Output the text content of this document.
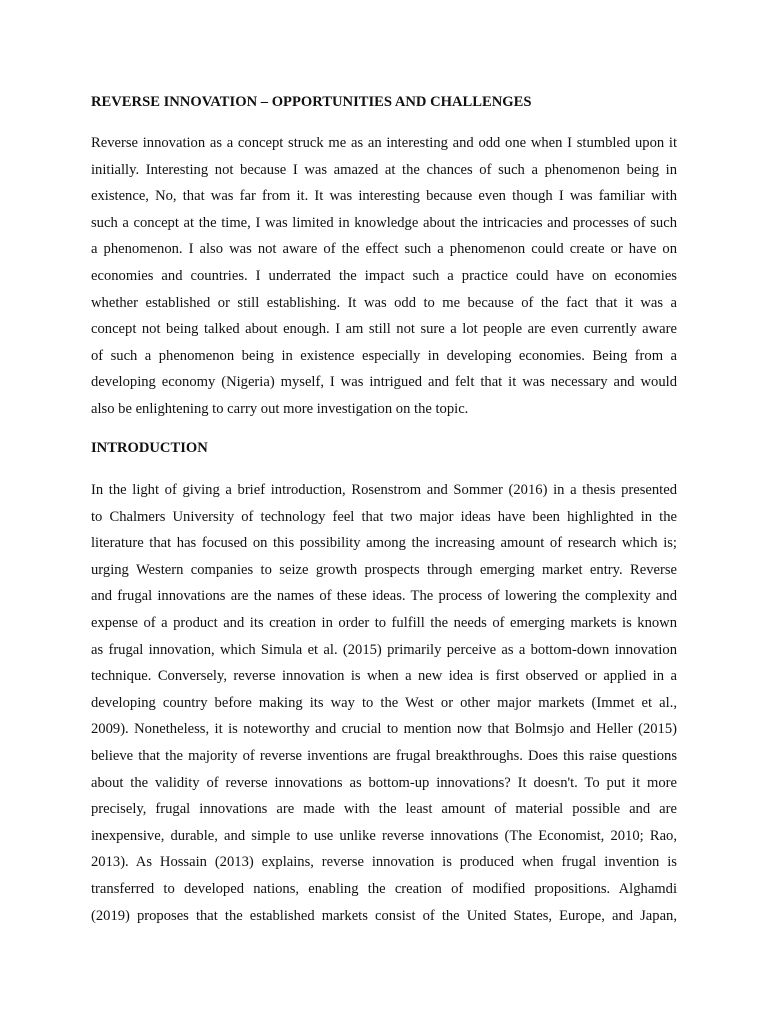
REVERSE INNOVATION – OPPORTUNITIES AND CHALLENGES

Reverse innovation as a concept struck me as an interesting and odd one when I stumbled upon it
initially. Interesting not because I was amazed at the chances of such a phenomenon being in
existence, No, that was far from it. It was interesting because even though I was familiar with
such a concept at the time, I was limited in knowledge about the intricacies and processes of such
a phenomenon. I also was not aware of the effect such a phenomenon could create or have on
economies and countries. I underrated the impact such a practice could have on economies
whether established or still establishing. It was odd to me because of the fact that it was a
concept not being talked about enough. I am still not sure a lot people are even currently aware
of such a phenomenon being in existence especially in developing economies. Being from a
developing economy (Nigeria) myself, I was intrigued and felt that it was necessary and would
also be enlightening to carry out more investigation on the topic.

INTRODUCTION

In the light of giving a brief introduction, Rosenstrom and Sommer (2016) in a thesis presented
to Chalmers University of technology feel that two major ideas have been highlighted in the
literature that has focused on this possibility among the increasing amount of research which is;
urging Western companies to seize growth prospects through emerging market entry. Reverse
and frugal innovations are the names of these ideas. The process of lowering the complexity and
expense of a product and its creation in order to fulfill the needs of emerging markets is known
as frugal innovation, which Simula et al. (2015) primarily perceive as a bottom-down innovation
technique. Conversely, reverse innovation is when a new idea is first observed or applied in a
developing country before making its way to the West or other major markets (Immet et al.,
2009). Nonetheless, it is noteworthy and crucial to mention now that Bolmsjo and Heller (2015)
believe that the majority of reverse inventions are frugal breakthroughs. Does this raise questions
about the validity of reverse innovations as bottom-up innovations? It doesn't. To put it more
precisely, frugal innovations are made with the least amount of material possible and are
inexpensive, durable, and simple to use unlike reverse innovations (The Economist, 2010; Rao,
2013). As Hossain (2013) explains, reverse innovation is produced when frugal invention is
transferred to developed nations, enabling the creation of modified propositions. Alghamdi
(2019) proposes that the established markets consist of the United States, Europe, and Japan,
